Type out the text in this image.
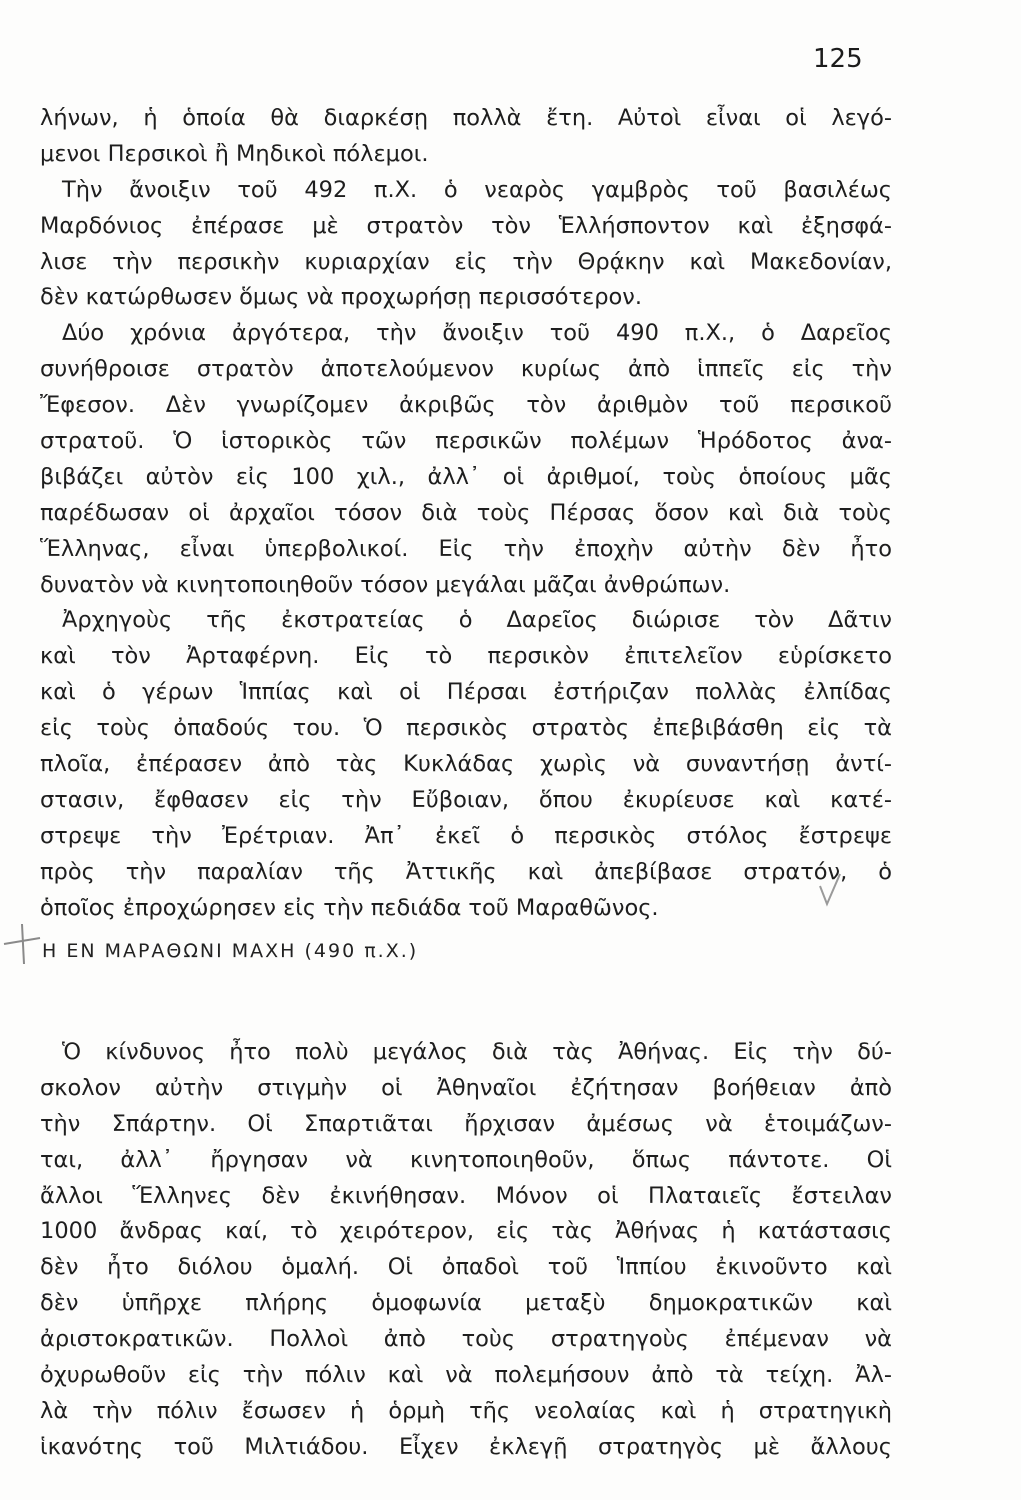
125
λήνων, ἡ ὁποία θὰ διαρκέσῃ πολλὰ ἔτη. Αὐτοὶ εἶναι οἱ λεγό-
μενοι Περσικοὶ ἢ Μηδικοὶ πόλεμοι.
Τὴν ἄνοιξιν τοῦ 492 π.Χ. ὁ νεαρὸς γαμβρὸς τοῦ βασιλέως
Μαρδόνιος ἐπέρασε μὲ στρατὸν τὸν Ἑλλήσποντον καὶ ἐξησφά-
λισε τὴν περσικὴν κυριαρχίαν εἰς τὴν Θρᾴκην καὶ Μακεδονίαν,
δὲν κατώρθωσεν ὅμως νὰ προχωρήσῃ περισσότερον.
Δύο χρόνια ἀργότερα, τὴν ἄνοιξιν τοῦ 490 π.Χ., ὁ Δαρεῖος
συνήθροισε στρατὸν ἀποτελούμενον κυρίως ἀπὸ ἱππεῖς εἰς τὴν
Ἔφεσον. Δὲν γνωρίζομεν ἀκριβῶς τὸν ἀριθμὸν τοῦ περσικοῦ
στρατοῦ. Ὁ ἱστορικὸς τῶν περσικῶν πολέμων Ἡρόδοτος ἀνα-
βιβάζει αὐτὸν εἰς 100 χιλ., ἀλλ᾽ οἱ ἀριθμοί, τοὺς ὁποίους μᾶς
παρέδωσαν οἱ ἀρχαῖοι τόσον διὰ τοὺς Πέρσας ὅσον καὶ διὰ τοὺς
Ἕλληνας, εἶναι ὑπερβολικοί. Εἰς τὴν ἐποχὴν αὐτὴν δὲν ἦτο
δυνατὸν νὰ κινητοποιηθοῦν τόσον μεγάλαι μᾶζαι ἀνθρώπων.
Ἀρχηγοὺς τῆς ἐκστρατείας ὁ Δαρεῖος διώρισε τὸν Δᾶτιν
καὶ τὸν Ἀρταφέρνη. Εἰς τὸ περσικὸν ἐπιτελεῖον εὑρίσκετο
καὶ ὁ γέρων Ἱππίας καὶ οἱ Πέρσαι ἐστήριζαν πολλὰς ἐλπίδας
εἰς τοὺς ὀπαδούς του. Ὁ περσικὸς στρατὸς ἐπεβιβάσθη εἰς τὰ
πλοῖα, ἐπέρασεν ἀπὸ τὰς Κυκλάδας χωρὶς νὰ συναντήσῃ ἀντί-
στασιν, ἔφθασεν εἰς τὴν Εὔβοιαν, ὅπου ἐκυρίευσε καὶ κατέ-
στρεψε τὴν Ἐρέτριαν. Ἀπ᾽ ἐκεῖ ὁ περσικὸς στόλος ἔστρεψε
πρὸς τὴν παραλίαν τῆς Ἀττικῆς καὶ ἀπεβίβασε στρατόν, ὁ
ὁποῖος ἐπροχώρησεν εἰς τὴν πεδιάδα τοῦ Μαραθῶνος.
Η ΕΝ ΜΑΡΑΘΩΝΙ ΜΑΧΗ (490 π.Χ.)
Ὁ κίνδυνος ἦτο πολὺ μεγάλος διὰ τὰς Ἀθήνας. Εἰς τὴν δύ-
σκολον αὐτὴν στιγμὴν οἱ Ἀθηναῖοι ἐζήτησαν βοήθειαν ἀπὸ
τὴν Σπάρτην. Οἱ Σπαρτιᾶται ἤρχισαν ἀμέσως νὰ ἑτοιμάζων-
ται, ἀλλ᾽ ἤργησαν νὰ κινητοποιηθοῦν, ὅπως πάντοτε. Οἱ
ἄλλοι Ἕλληνες δὲν ἐκινήθησαν. Μόνον οἱ Πλαταιεῖς ἔστειλαν
1000 ἄνδρας καί, τὸ χειρότερον, εἰς τὰς Ἀθήνας ἡ κατάστασις
δὲν ἦτο διόλου ὁμαλή. Οἱ ὀπαδοὶ τοῦ Ἱππίου ἐκινοῦντο καὶ
δὲν ὑπῆρχε πλήρης ὁμοφωνία μεταξὺ δημοκρατικῶν καὶ
ἀριστοκρατικῶν. Πολλοὶ ἀπὸ τοὺς στρατηγοὺς ἐπέμεναν νὰ
ὀχυρωθοῦν εἰς τὴν πόλιν καὶ νὰ πολεμήσουν ἀπὸ τὰ τείχη. Ἀλ-
λὰ τὴν πόλιν ἔσωσεν ἡ ὁρμὴ τῆς νεολαίας καὶ ἡ στρατηγικὴ
ἱκανότης τοῦ Μιλτιάδου. Εἶχεν ἐκλεγῇ στρατηγὸς μὲ ἄλλους
